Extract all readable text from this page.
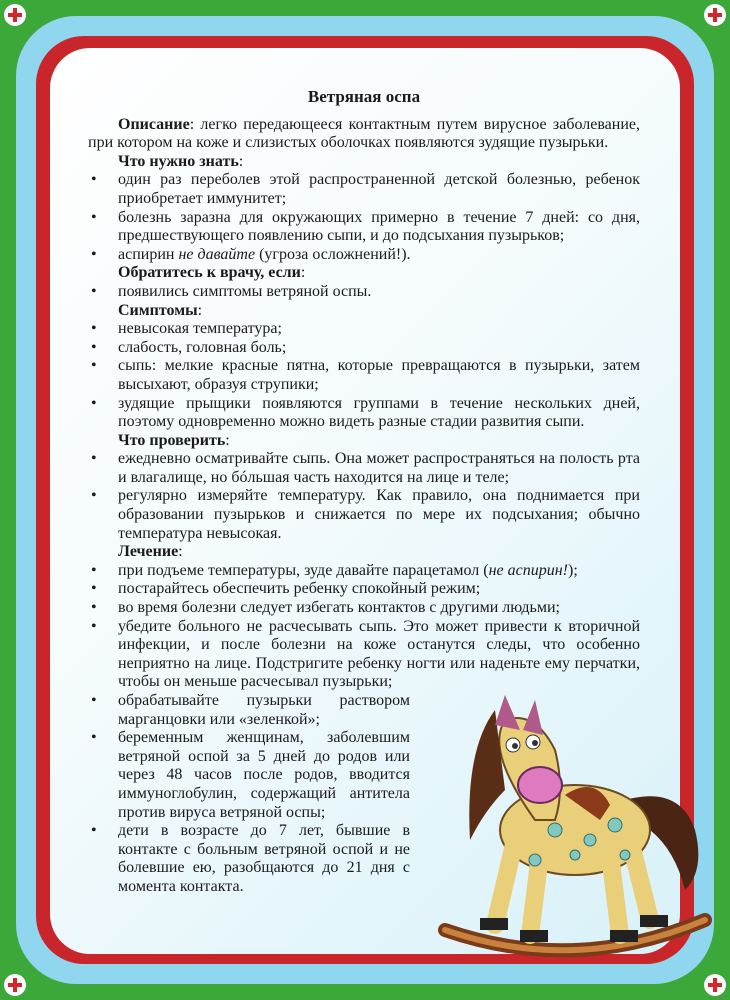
Ветряная оспа

Описание: легко передающееся контактным путем вирусное заболевание, при котором на коже и слизистых оболочках появляются зудящие пузырьки.

Что нужно знать:

• один раз переболев этой распространенной детской болезнью, ребенок приобретает иммунитет;
• болезнь заразна для окружающих примерно в течение 7 дней: со дня, предшествующего появлению сыпи, и до подсыхания пузырьков;
• аспирин не давайте (угроза осложнений!).

Обратитесь к врачу, если:

• появились симптомы ветряной оспы.

Симптомы:

• невысокая температура;
• слабость, головная боль;
• сыпь: мелкие красные пятна, которые превращаются в пузырьки, затем высыхают, образуя струпики;
• зудящие прыщики появляются группами в течение нескольких дней, поэтому одновременно можно видеть разные стадии развития сыпи.

Что проверить:

• ежедневно осматривайте сыпь. Она может распространяться на полость рта и влагалище, но бóльшая часть находится на лице и теле;
• регулярно измеряйте температуру. Как правило, она поднимается при образовании пузырьков и снижается по мере их подсыхания; обычно температура невысокая.

Лечение:

• при подъеме температуры, зуде давайте парацетамол (не аспирин!);
• постарайтесь обеспечить ребенку спокойный режим;
• во время болезни следует избегать контактов с другими людьми;
• убедите больного не расчесывать сыпь. Это может привести к вторичной инфекции, и после болезни на коже останутся следы, что особенно неприятно на лице. Подстригите ребенку ногти или наденьте ему перчатки, чтобы он меньше расчесывал пузырьки;
• обрабатывайте пузырьки раствором марганцовки или «зеленкой»;
• беременным женщинам, заболевшим ветряной оспой за 5 дней до родов или через 48 часов после родов, вводится иммуноглобулин, содержащий антитела против вируса ветряной оспы;
• дети в возрасте до 7 лет, бывшие в контакте с больным ветряной оспой и не болевшие ею, разобщаются до 21 дня с момента контакта.
